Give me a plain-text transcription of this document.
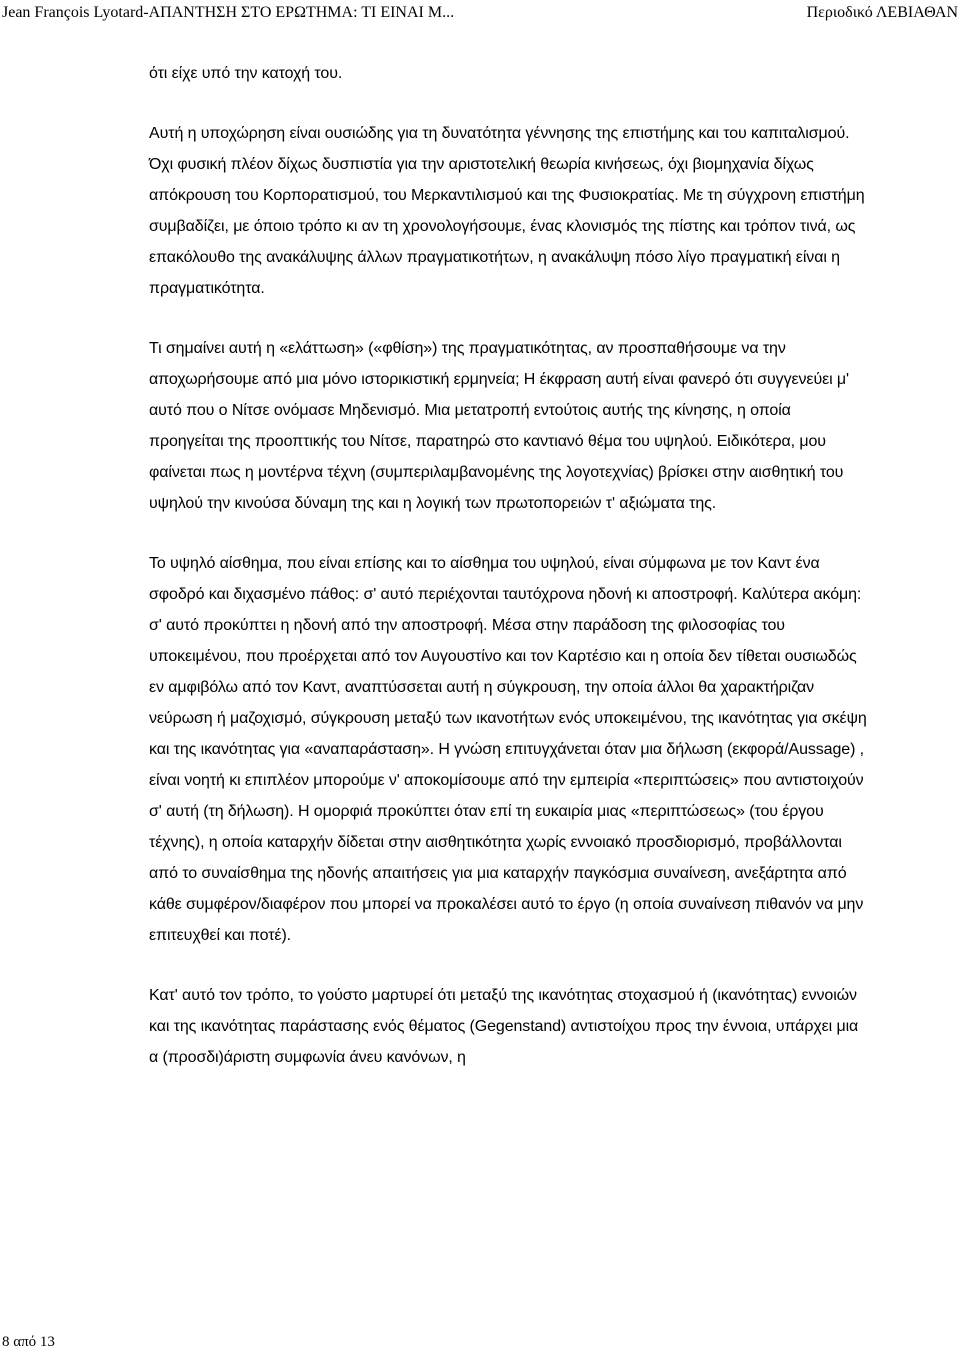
Jean François Lyotard-ΑΠΑΝΤΗΣΗ ΣΤΟ ΕΡΩΤΗΜΑ: ΤΙ ΕΙΝΑΙ Μ...	Περιοδικό ΛΕΒΙΑΘΑΝ

ότι είχε υπό την κατοχή του.

Αυτή η υποχώρηση είναι ουσιώδης για τη δυνατότητα γέννησης της επιστήμης και του καπιταλισμού. Όχι φυσική πλέον δίχως δυσπιστία για την αριστοτελική θεωρία κινήσεως, όχι βιομηχανία δίχως απόκρουση του Κορπορατισμού, του Μερκαντιλισμού και της Φυσιοκρατίας. Με τη σύγχρονη επιστήμη συμβαδίζει, με όποιο τρόπο κι αν τη χρονολογήσουμε, ένας κλονισμός της πίστης και τρόπον τινά, ως επακόλουθο της ανακάλυψης άλλων πραγματικοτήτων, η ανακάλυψη πόσο λίγο πραγματική είναι η πραγματικότητα.

Τι σημαίνει αυτή η «ελάττωση» («φθίση») της πραγματικότητας, αν προσπαθήσουμε να την αποχωρήσουμε από μια μόνο ιστορικιστική ερμηνεία; Η έκφραση αυτή είναι φανερό ότι συγγενεύει μ' αυτό που ο Νίτσε ονόμασε Μηδενισμό. Μια μετατροπή εντούτοις αυτής της κίνησης, η οποία προηγείται της προοπτικής του Νίτσε, παρατηρώ στο καντιανό θέμα του υψηλού. Ειδικότερα, μου φαίνεται πως η μοντέρνα τέχνη (συμπεριλαμβανομένης της λογοτεχνίας) βρίσκει στην αισθητική του υψηλού την κινούσα δύναμη της και η λογική των πρωτοπορειών τ' αξιώματα της.

Το υψηλό αίσθημα, που είναι επίσης και το αίσθημα του υψηλού, είναι σύμφωνα με τον Καντ ένα σφοδρό και διχασμένο πάθος: σ' αυτό περιέχονται ταυτόχρονα ηδονή κι αποστροφή. Καλύτερα ακόμη: σ' αυτό προκύπτει η ηδονή από την αποστροφή. Μέσα στην παράδοση της φιλοσοφίας του υποκειμένου, που προέρχεται από τον Αυγουστίνο και τον Καρτέσιο και η οποία δεν τίθεται ουσιωδώς εν αμφιβόλω από τον Καντ, αναπτύσσεται αυτή η σύγκρουση, την οποία άλλοι θα χαρακτήριζαν νεύρωση ή μαζοχισμό, σύγκρουση μεταξύ των ικανοτήτων ενός υποκειμένου, της ικανότητας για σκέψη και της ικανότητας για «αναπαράσταση». Η γνώση επιτυγχάνεται όταν μια δήλωση (εκφορά/Aussage) , είναι νοητή κι επιπλέον μπορούμε ν' αποκομίσουμε από την εμπειρία «περιπτώσεις» που αντιστοιχούν σ' αυτή (τη δήλωση). Η ομορφιά προκύπτει όταν επί τη ευκαιρία μιας «περιπτώσεως» (του έργου τέχνης), η οποία καταρχήν δίδεται στην αισθητικότητα χωρίς εννοιακό προσδιορισμό, προβάλλονται από το συναίσθημα της ηδονής απαιτήσεις για μια καταρχήν παγκόσμια συναίνεση, ανεξάρτητα από κάθε συμφέρον/διαφέρον που μπορεί να προκαλέσει αυτό το έργο (η οποία συναίνεση πιθανόν να μην επιτευχθεί και ποτέ).

Κατ' αυτό τον τρόπο, το γούστο μαρτυρεί ότι μεταξύ της ικανότητας στοχασμού ή (ικανότητας) εννοιών και της ικανότητας παράστασης ενός θέματος (Gegenstand) αντιστοίχου προς την έννοια, υπάρχει μια α (προσδι)άριστη συμφωνία άνευ κανόνων, η

8 από 13
